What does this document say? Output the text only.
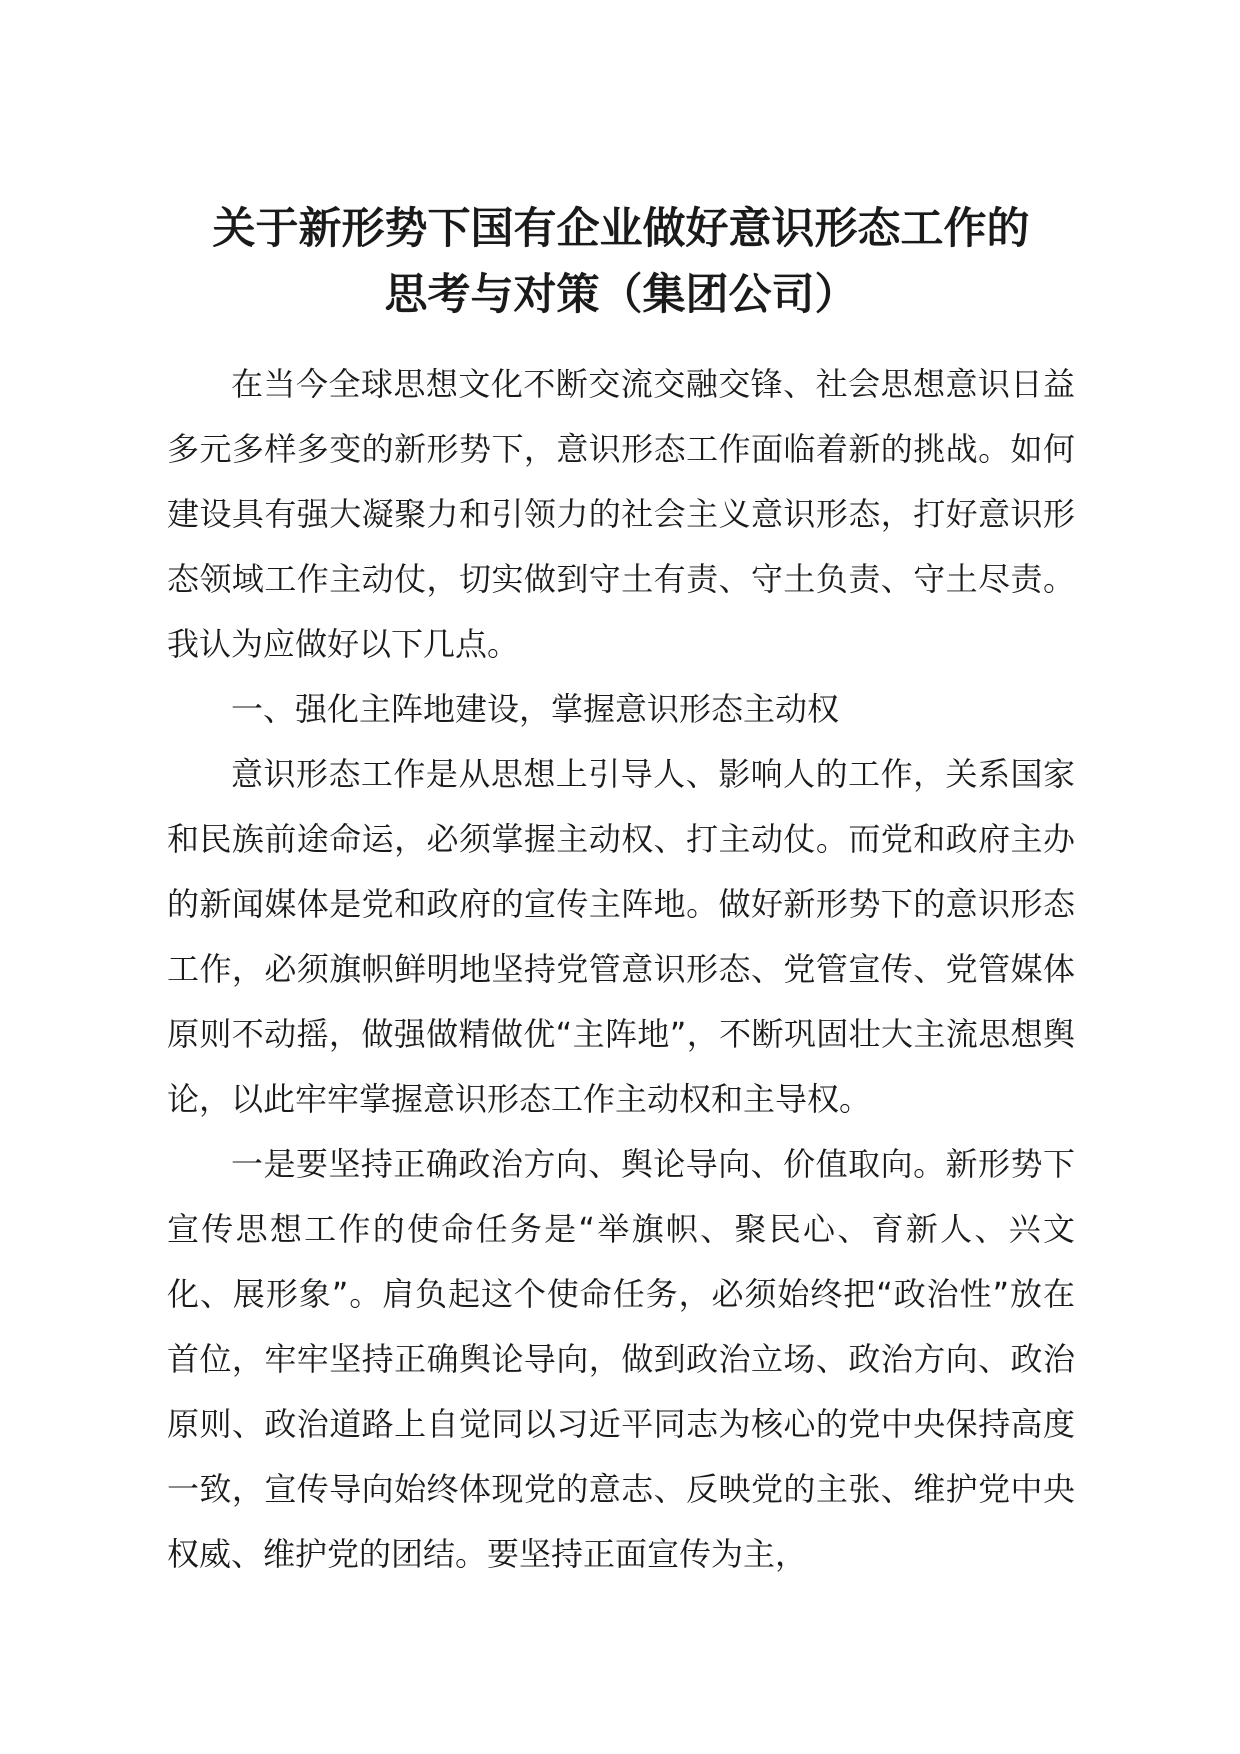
关于新形势下国有企业做好意识形态工作的
思考与对策（集团公司）

在当今全球思想文化不断交流交融交锋、社会思想意识日益多元多样多变的新形势下，意识形态工作面临着新的挑战。如何建设具有强大凝聚力和引领力的社会主义意识形态，打好意识形态领域工作主动仗，切实做到守土有责、守土负责、守土尽责。我认为应做好以下几点。

一、强化主阵地建设，掌握意识形态主动权

意识形态工作是从思想上引导人、影响人的工作，关系国家和民族前途命运，必须掌握主动权、打主动仗。而党和政府主办的新闻媒体是党和政府的宣传主阵地。做好新形势下的意识形态工作，必须旗帜鲜明地坚持党管意识形态、党管宣传、党管媒体原则不动摇，做强做精做优“主阵地”，不断巩固壮大主流思想舆论，以此牢牢掌握意识形态工作主动权和主导权。

一是要坚持正确政治方向、舆论导向、价值取向。新形势下宣传思想工作的使命任务是“举旗帜、聚民心、育新人、兴文化、展形象”。肩负起这个使命任务，必须始终把“政治性”放在首位，牢牢坚持正确舆论导向，做到政治立场、政治方向、政治原则、政治道路上自觉同以习近平同志为核心的党中央保持高度一致，宣传导向始终体现党的意志、反映党的主张、维护党中央权威、维护党的团结。要坚持正面宣传为主，
